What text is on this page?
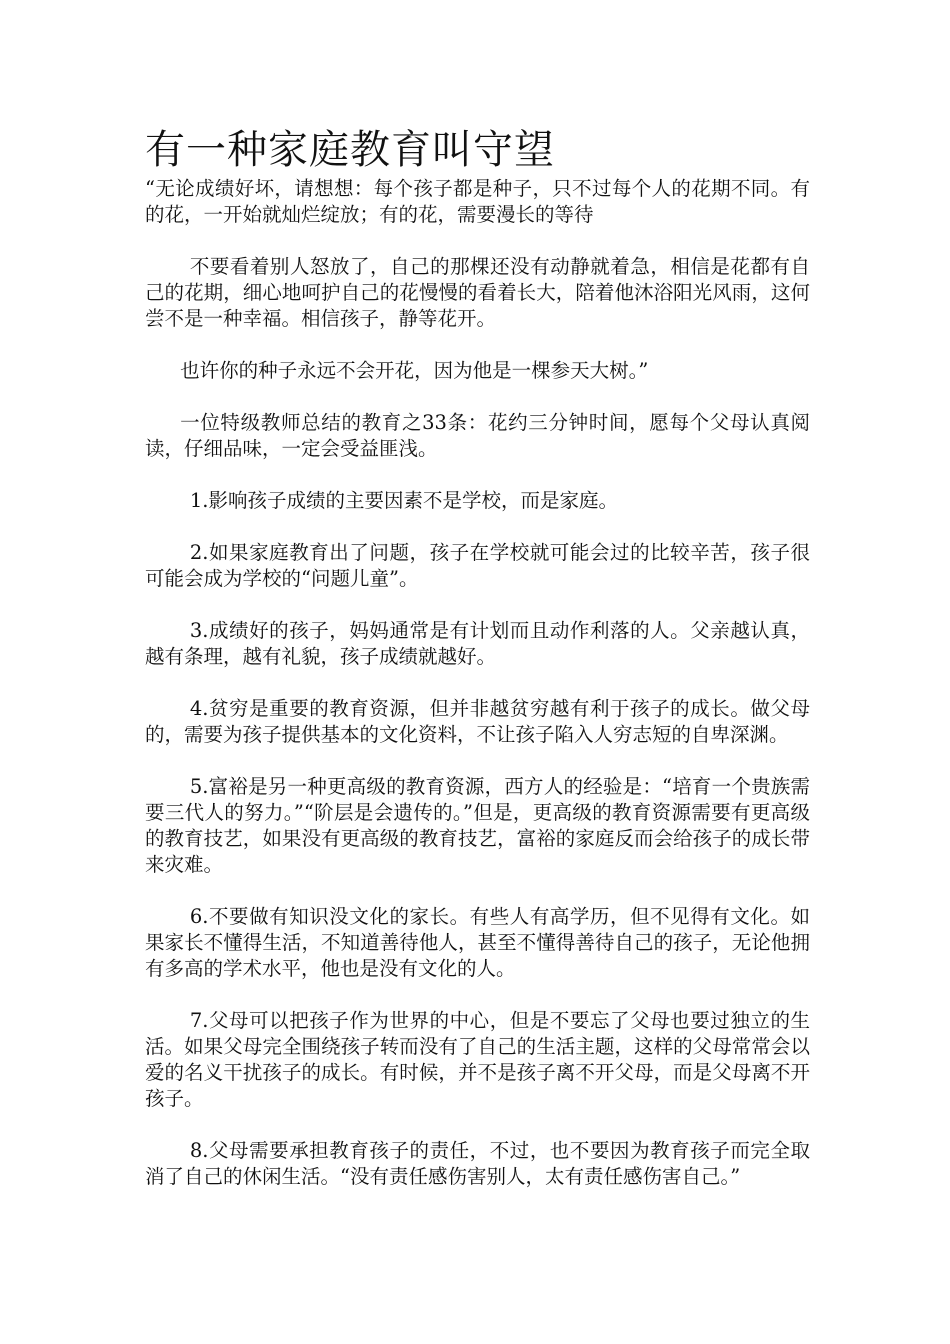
有一种家庭教育叫守望

“无论成绩好坏，请想想：每个孩子都是种子，只不过每个人的花期不同。有的花，一开始就灿烂绽放；有的花，需要漫长的等待

不要看着别人怒放了，自己的那棵还没有动静就着急，相信是花都有自己的花期，细心地呵护自己的花慢慢的看着长大，陪着他沐浴阳光风雨，这何尝不是一种幸福。相信孩子，静等花开。

也许你的种子永远不会开花，因为他是一棵参天大树。”

一位特级教师总结的教育之33条：花约三分钟时间，愿每个父母认真阅读，仔细品味，一定会受益匪浅。

1.影响孩子成绩的主要因素不是学校，而是家庭。

2.如果家庭教育出了问题，孩子在学校就可能会过的比较辛苦，孩子很可能会成为学校的“问题儿童”。

3.成绩好的孩子，妈妈通常是有计划而且动作利落的人。父亲越认真，越有条理，越有礼貌，孩子成绩就越好。

4.贫穷是重要的教育资源，但并非越贫穷越有利于孩子的成长。做父母的，需要为孩子提供基本的文化资料，不让孩子陷入人穷志短的自卑深渊。

5.富裕是另一种更高级的教育资源，西方人的经验是：“培育一个贵族需要三代人的努力。”“阶层是会遗传的。”但是，更高级的教育资源需要有更高级的教育技艺，如果没有更高级的教育技艺，富裕的家庭反而会给孩子的成长带来灾难。

6.不要做有知识没文化的家长。有些人有高学历，但不见得有文化。如果家长不懂得生活，不知道善待他人，甚至不懂得善待自己的孩子，无论他拥有多高的学术水平，他也是没有文化的人。

7.父母可以把孩子作为世界的中心，但是不要忘了父母也要过独立的生活。如果父母完全围绕孩子转而没有了自己的生活主题，这样的父母常常会以爱的名义干扰孩子的成长。有时候，并不是孩子离不开父母，而是父母离不开孩子。

8.父母需要承担教育孩子的责任，不过，也不要因为教育孩子而完全取消了自己的休闲生活。“没有责任感伤害别人，太有责任感伤害自己。”
